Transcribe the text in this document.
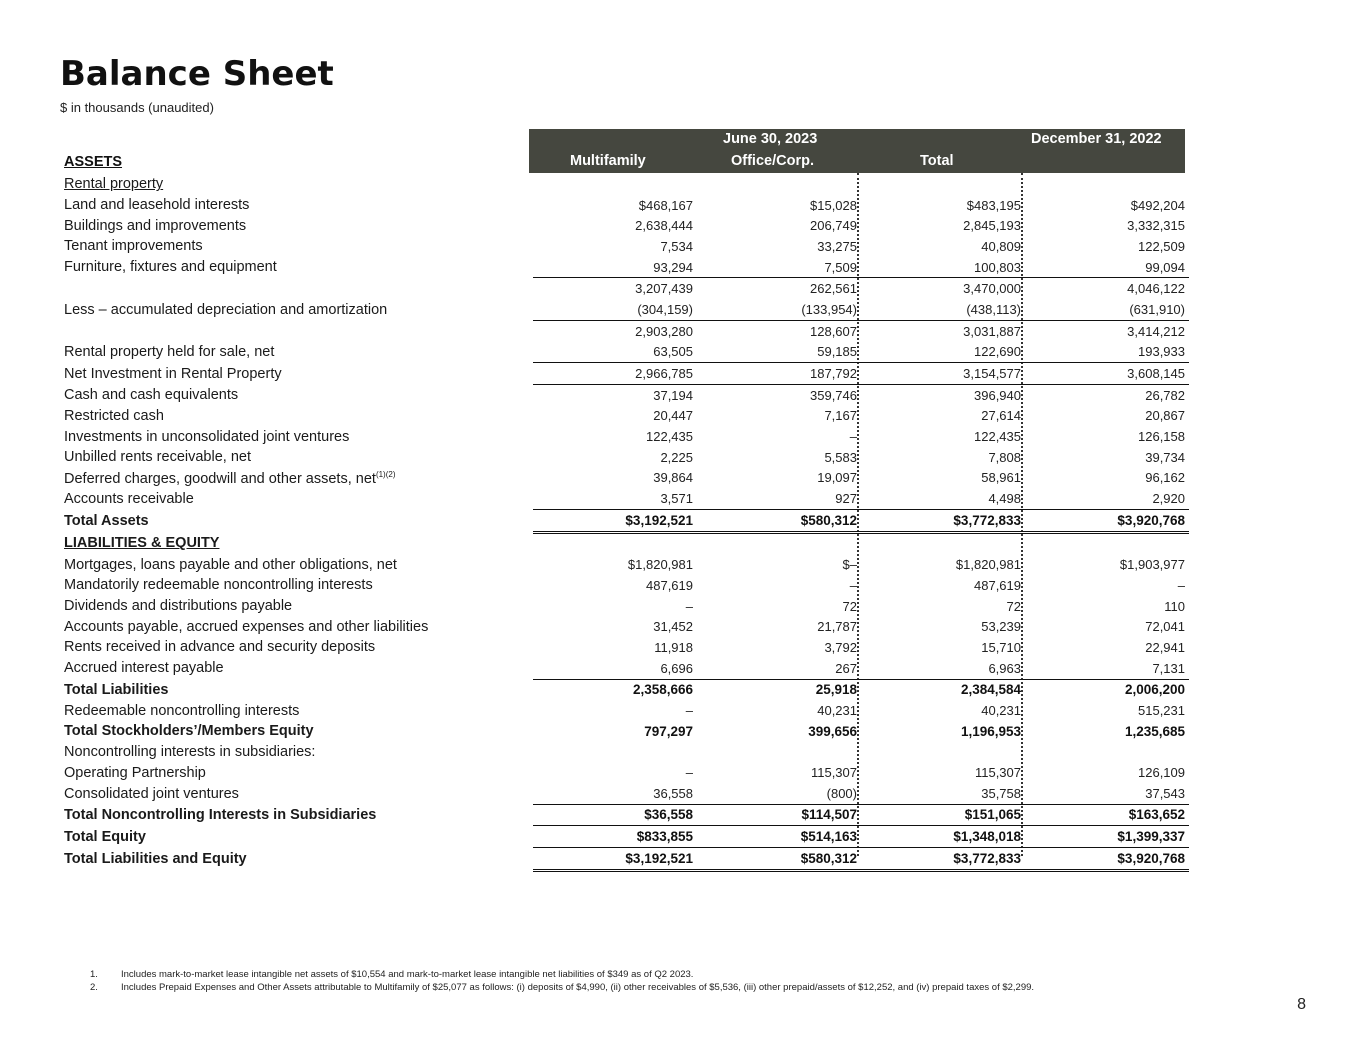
Balance Sheet
$ in thousands (unaudited)
June 30, 2023	December 31, 2022
Multifamily	Office/Corp.	Total
ASSETS
Rental property				
Land and leasehold interests	$468,167	$15,028	$483,195	$492,204
Buildings and improvements	2,638,444	206,749	2,845,193	3,332,315
Tenant improvements	7,534	33,275	40,809	122,509
Furniture, fixtures and equipment	93,294	7,509	100,803	99,094
	3,207,439	262,561	3,470,000	4,046,122
Less – accumulated depreciation and amortization	(304,159)	(133,954)	(438,113)	(631,910)
	2,903,280	128,607	3,031,887	3,414,212
Rental property held for sale, net	63,505	59,185	122,690	193,933
Net Investment in Rental Property	2,966,785	187,792	3,154,577	3,608,145
Cash and cash equivalents	37,194	359,746	396,940	26,782
Restricted cash	20,447	7,167	27,614	20,867
Investments in unconsolidated joint ventures	122,435	–	122,435	126,158
Unbilled rents receivable, net	2,225	5,583	7,808	39,734
Deferred charges, goodwill and other assets, net$^{(1)(2)}$	39,864	19,097	58,961	96,162
Accounts receivable	3,571	927	4,498	2,920
Total Assets	$3,192,521	$580,312	$3,772,833	$3,920,768
LIABILITIES & EQUITY				
Mortgages, loans payable and other obligations, net	$1,820,981	$–	$1,820,981	$1,903,977
Mandatorily redeemable noncontrolling interests	487,619	–	487,619	–
Dividends and distributions payable	–	72	72	110
Accounts payable, accrued expenses and other liabilities	31,452	21,787	53,239	72,041
Rents received in advance and security deposits	11,918	3,792	15,710	22,941
Accrued interest payable	6,696	267	6,963	7,131
Total Liabilities	2,358,666	25,918	2,384,584	2,006,200
Redeemable noncontrolling interests	–	40,231	40,231	515,231
Total Stockholders’/Members Equity	797,297	399,656	1,196,953	1,235,685
Noncontrolling interests in subsidiaries:				
Operating Partnership	–	115,307	115,307	126,109
Consolidated joint ventures	36,558	(800)	35,758	37,543
Total Noncontrolling Interests in Subsidiaries	$36,558	$114,507	$151,065	$163,652
Total Equity	$833,855	$514,163	$1,348,018	$1,399,337
Total Liabilities and Equity	$3,192,521	$580,312	$3,772,833	$3,920,768
1.	Includes mark-to-market lease intangible net assets of $10,554 and mark-to-market lease intangible net liabilities of $349 as of Q2 2023.
2.	Includes Prepaid Expenses and Other Assets attributable to Multifamily of $25,077 as follows: (i) deposits of $4,990, (ii) other receivables of $5,536, (iii) other prepaid/assets of $12,252, and (iv) prepaid taxes of $2,299.
8
